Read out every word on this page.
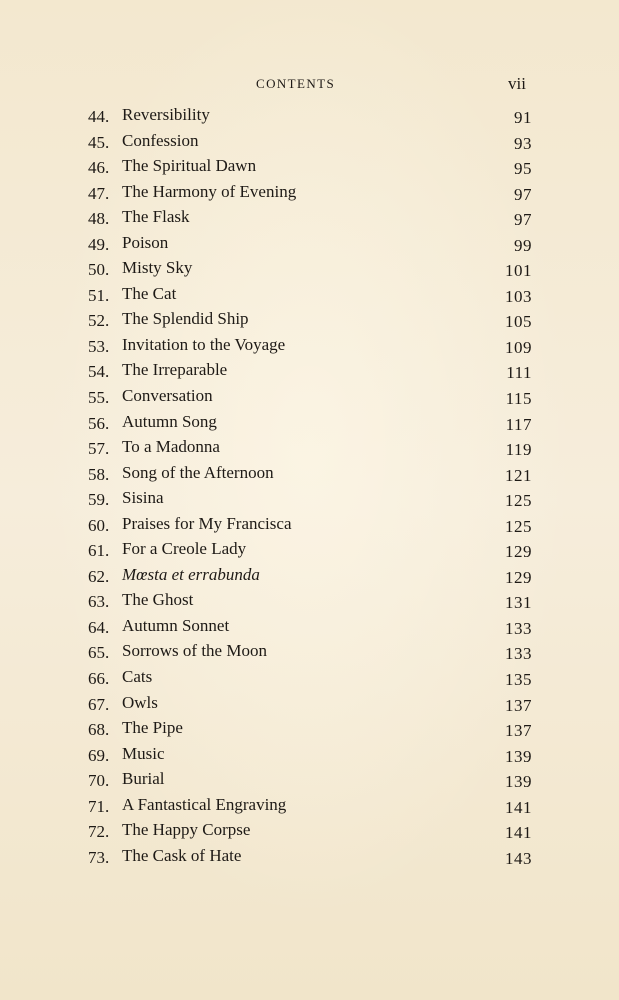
CONTENTS	vii
44. Reversibility	91
45. Confession	93
46. The Spiritual Dawn	95
47. The Harmony of Evening	97
48. The Flask	97
49. Poison	99
50. Misty Sky	101
51. The Cat	103
52. The Splendid Ship	105
53. Invitation to the Voyage	109
54. The Irreparable	111
55. Conversation	115
56. Autumn Song	117
57. To a Madonna	119
58. Song of the Afternoon	121
59. Sisina	125
60. Praises for My Francisca	125
61. For a Creole Lady	129
62. Mœsta et errabunda	129
63. The Ghost	131
64. Autumn Sonnet	133
65. Sorrows of the Moon	133
66. Cats	135
67. Owls	137
68. The Pipe	137
69. Music	139
70. Burial	139
71. A Fantastical Engraving	141
72. The Happy Corpse	141
73. The Cask of Hate	143
